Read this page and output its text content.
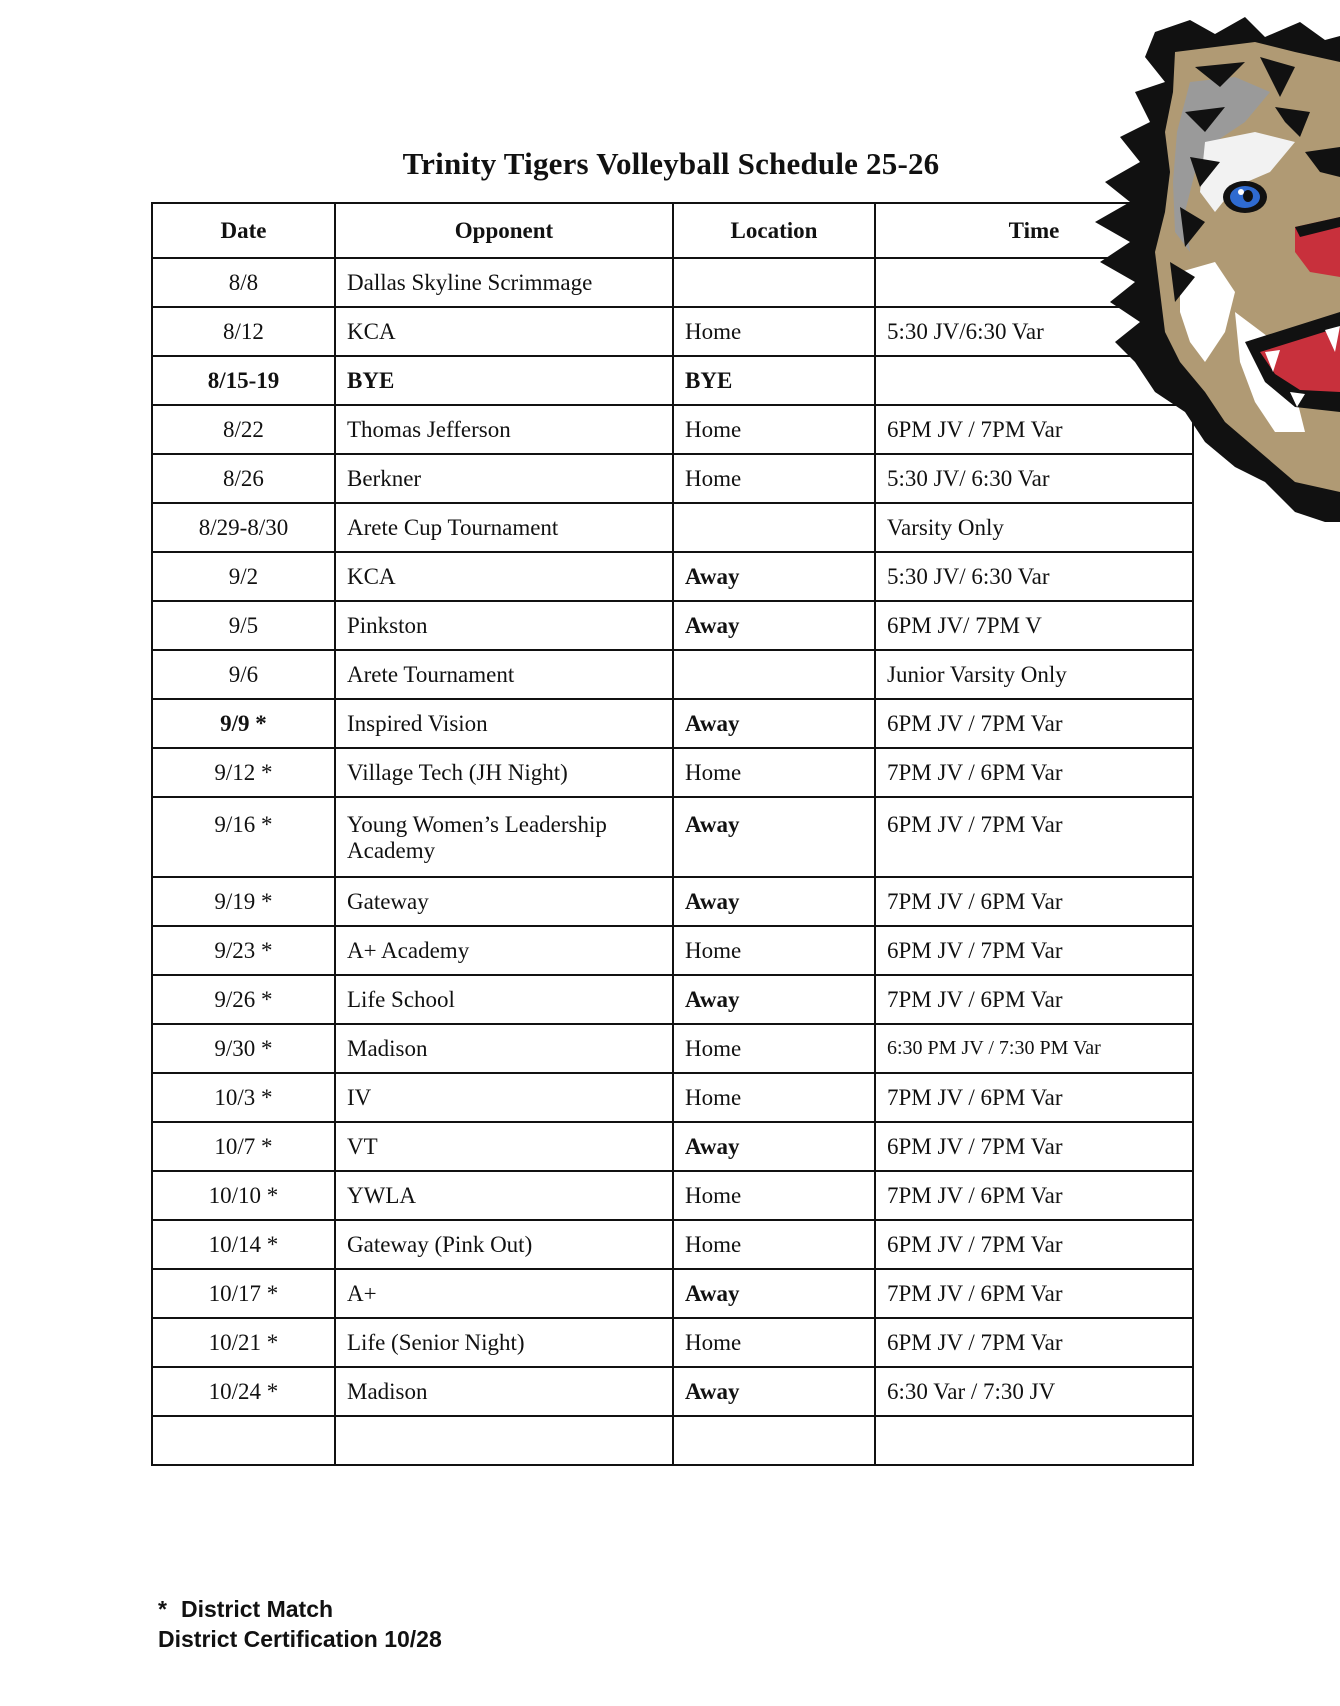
Trinity Tigers Volleyball Schedule 25-26
Date	Opponent	Location	Time
8/8	Dallas Skyline Scrimmage		
8/12	KCA	Home	5:30 JV/6:30 Var
8/15-19	BYE	BYE	
8/22	Thomas Jefferson	Home	6PM JV / 7PM Var
8/26	Berkner	Home	5:30 JV/ 6:30 Var
8/29-8/30	Arete Cup Tournament		Varsity Only
9/2	KCA	Away	5:30 JV/ 6:30 Var
9/5	Pinkston	Away	6PM JV/ 7PM V
9/6	Arete Tournament		Junior Varsity Only
9/9 *	Inspired Vision	Away	6PM JV / 7PM Var
9/12 *	Village Tech (JH Night)	Home	7PM JV / 6PM Var
9/16 *	Young Women’s Leadership Academy	Away	6PM JV / 7PM Var
9/19 *	Gateway	Away	7PM JV / 6PM Var
9/23 *	A+ Academy	Home	6PM JV / 7PM Var
9/26 *	Life School	Away	7PM JV / 6PM Var
9/30 *	Madison	Home	6:30 PM JV / 7:30 PM Var
10/3 *	IV	Home	7PM JV / 6PM Var
10/7 *	VT	Away	6PM JV / 7PM Var
10/10 *	YWLA	Home	7PM JV / 6PM Var
10/14 *	Gateway (Pink Out)	Home	6PM JV / 7PM Var
10/17 *	A+	Away	7PM JV / 6PM Var
10/21 *	Life (Senior Night)	Home	6PM JV / 7PM Var
10/24 *	Madison	Away	6:30 Var / 7:30 JV

* District Match
District Certification 10/28
